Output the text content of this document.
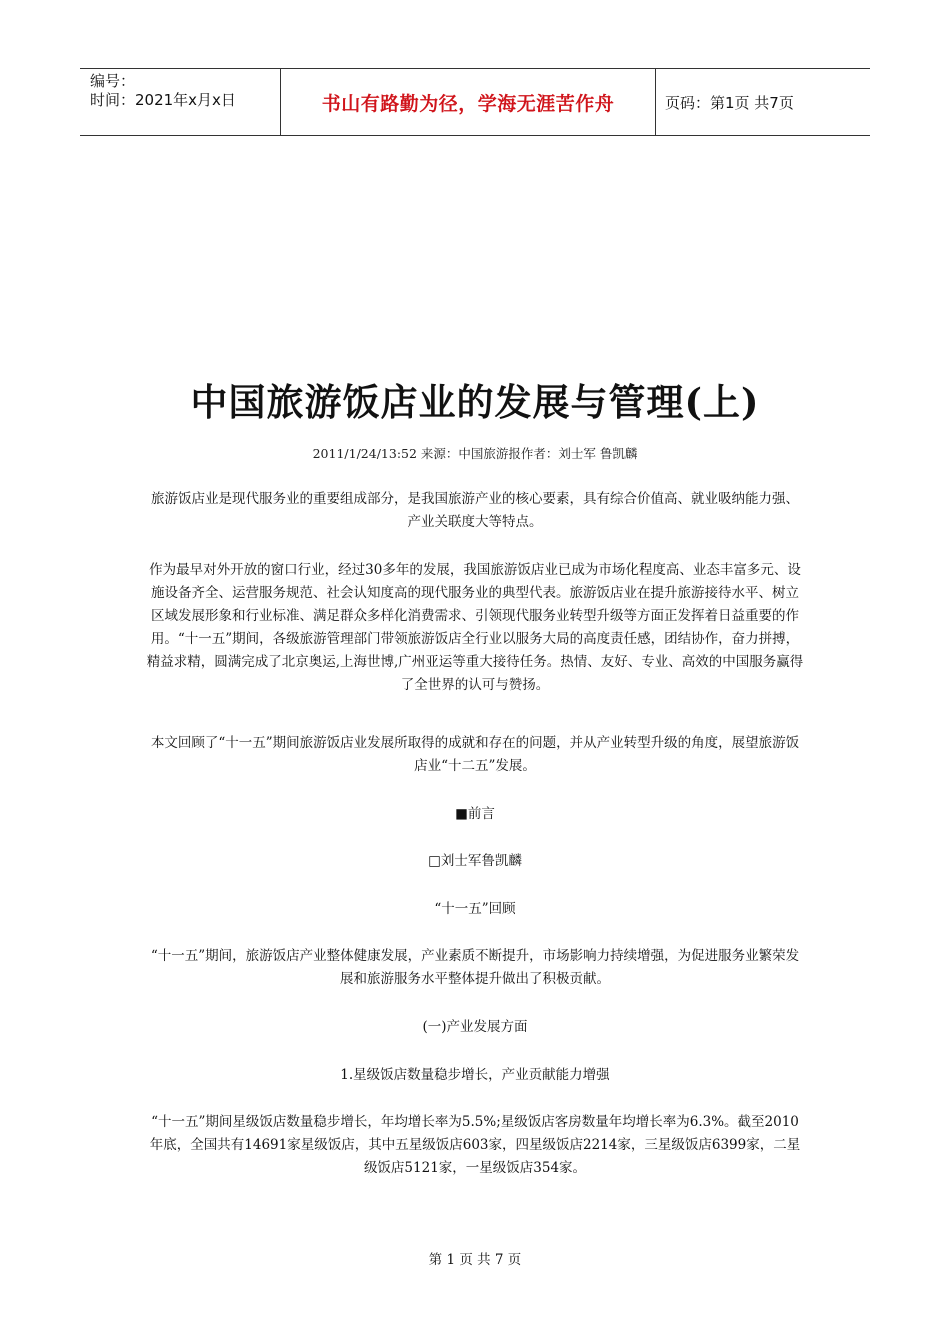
编号：
时间：2021年x月x日	书山有路勤为径，学海无涯苦作舟	页码：第1页 共7页
中国旅游饭店业的发展与管理(上)
2011/1/24/13:52 来源：中国旅游报作者：刘士军 鲁凯麟

旅游饭店业是现代服务业的重要组成部分，是我国旅游产业的核心要素，具有综合价值高、就业吸纳能力强、产业关联度大等特点。

作为最早对外开放的窗口行业，经过30多年的发展，我国旅游饭店业已成为市场化程度高、业态丰富多元、设施设备齐全、运营服务规范、社会认知度高的现代服务业的典型代表。旅游饭店业在提升旅游接待水平、树立区域发展形象和行业标准、满足群众多样化消费需求、引领现代服务业转型升级等方面正发挥着日益重要的作用。“十一五”期间，各级旅游管理部门带领旅游饭店全行业以服务大局的高度责任感，团结协作，奋力拼搏，精益求精，圆满完成了北京奥运,上海世博,广州亚运等重大接待任务。热情、友好、专业、高效的中国服务赢得了全世界的认可与赞扬。

本文回顾了“十一五”期间旅游饭店业发展所取得的成就和存在的问题，并从产业转型升级的角度，展望旅游饭店业“十二五”发展。

■前言

□刘士军鲁凯麟

“十一五”回顾

“十一五”期间，旅游饭店产业整体健康发展，产业素质不断提升，市场影响力持续增强，为促进服务业繁荣发展和旅游服务水平整体提升做出了积极贡献。

(一)产业发展方面

1.星级饭店数量稳步增长，产业贡献能力增强

“十一五”期间星级饭店数量稳步增长，年均增长率为5.5%;星级饭店客房数量年均增长率为6.3%。截至2010年底，全国共有14691家星级饭店，其中五星级饭店603家，四星级饭店2214家，三星级饭店6399家，二星级饭店5121家，一星级饭店354家。

第 1 页 共 7 页
